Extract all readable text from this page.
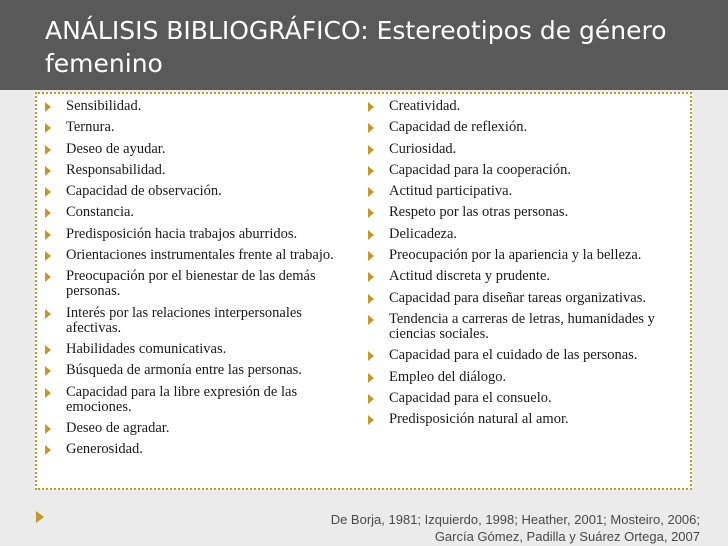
ANÁLISIS BIBLIOGRÁFICO: Estereotipos de género femenino
Sensibilidad.
Ternura.
Deseo de ayudar.
Responsabilidad.
Capacidad de observación.
Constancia.
Predisposición hacia trabajos aburridos.
Orientaciones instrumentales frente al trabajo.
Preocupación por el bienestar de las demás personas.
Interés por las relaciones interpersonales afectivas.
Habilidades comunicativas.
Búsqueda de armonía entre las personas.
Capacidad para la libre expresión de las emociones.
Deseo de agradar.
Generosidad.
Creatividad.
Capacidad de reflexión.
Curiosidad.
Capacidad para la cooperación.
Actitud participativa.
Respeto por las otras personas.
Delicadeza.
Preocupación por la apariencia y la belleza.
Actitud discreta y prudente.
Capacidad para diseñar tareas organizativas.
Tendencia a carreras de letras, humanidades y ciencias sociales.
Capacidad para el cuidado de las personas.
Empleo del diálogo.
Capacidad para el consuelo.
Predisposición natural al amor.
De Borja, 1981; Izquierdo, 1998; Heather, 2001; Mosteiro, 2006;
García Gómez, Padilla y Suárez Ortega, 2007
